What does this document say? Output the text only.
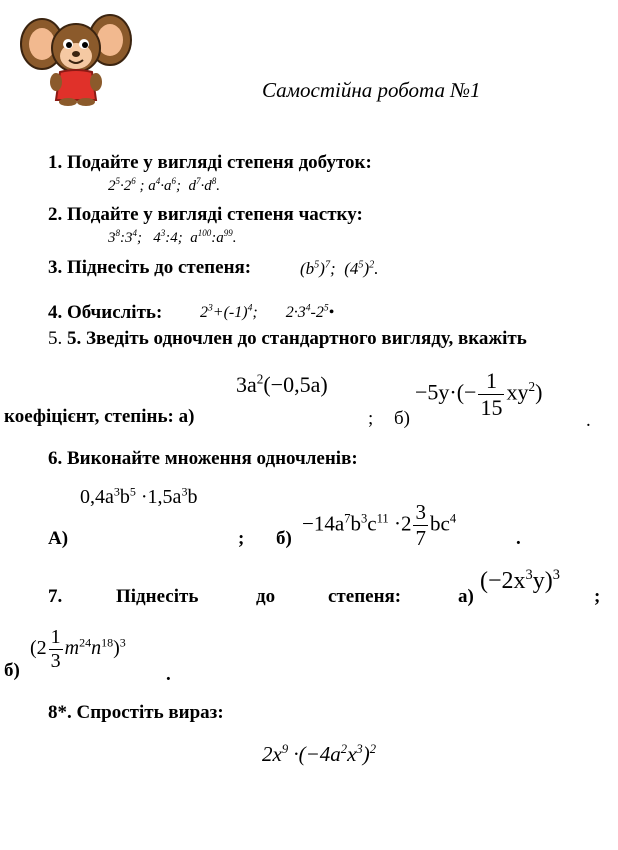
Самостійна робота №1
1. Подайте у вигляді степеня добуток:
$2^5\cdot 2^6$ ; $a^4\cdot a^6$;  $d^7\cdot d^8$.
2. Подайте у вигляді степеня частку:
$3^8:3^4$;   $4^3:4$;  $a^{100}:a^{99}$.
3. Піднесіть до степеня:	$(b^5)^7$;  $(4^5)^2$.
4. Обчисліть: $2^3+(-1)^4$;       $2\cdot 3^4-2^5•$
5. 5. Зведіть одночлен до стандартного вигляду, вкажіть
$3a^2(-0,5a)$	$-5y\cdot(- \frac{1}{15} xy^2)$
коефіцієнт, степінь: а)	; б)	.
6. Виконайте множення одночленів:
$0,4a^3b^5 \cdot 1,5a^3b$
$-14a^7b^3c^{11} \cdot 2 \frac{3}{7} bc^4$
А)	; б)	.
7.	Піднесіть	до	степеня:	а)
$(-2x^3y)^3$
;
$(2 \frac{1}{3} m^{24}n^{18})^3$
б)	.
8*. Спростіть вираз:
$2x^9 \cdot(-4a^2x^3)^2$
